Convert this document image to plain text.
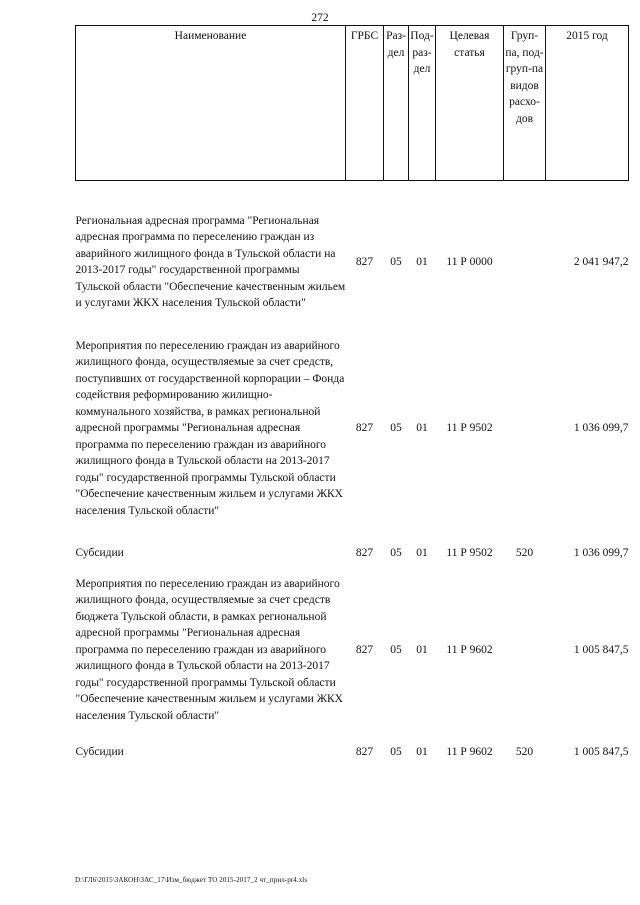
272
Наименование	ГРБС	Раз-дел	Под-раз-дел	Целевая статья	Груп-па, под-груп-па видов расхо-дов	2015 год

Региональная адресная программа "Региональная адресная программа по переселению граждан из аварийного жилищного фонда в Тульской области на 2013-2017 годы" государственной программы Тульской области "Обеспечение качественным жильем и услугами ЖКХ населения Тульской области"	827	05	01	11 Р 0000		2 041 947,2

Мероприятия по переселению граждан из аварийного жилищного фонда, осуществляемые за счет средств, поступивших от государственной корпорации – Фонда содействия реформированию жилищно-коммунального хозяйства, в рамках региональной адресной программы "Региональная адресная программа по переселению граждан из аварийного жилищного фонда в Тульской области на 2013-2017 годы" государственной программы Тульской области "Обеспечение качественным жильем и услугами ЖКХ населения Тульской области"	827	05	01	11 Р 9502		1 036 099,7

Субсидии	827	05	01	11 Р 9502	520	1 036 099,7

Мероприятия по переселению граждан из аварийного жилищного фонда, осуществляемые за счет средств бюджета Тульской области, в рамках региональной адресной программы "Региональная адресная программа по переселению граждан из аварийного жилищного фонда в Тульской области на 2013-2017 годы" государственной программы Тульской области "Обеспечение качественным жильем и услугами ЖКХ населения Тульской области"	827	05	01	11 Р 9602		1 005 847,5

Субсидии	827	05	01	11 Р 9602	520	1 005 847,5
D:\ГЛ6\2015\ЗАКОН\ЗАС_17\Изм_бюджет ТО 2015-2017_2 чт_прил-pr4.xls
